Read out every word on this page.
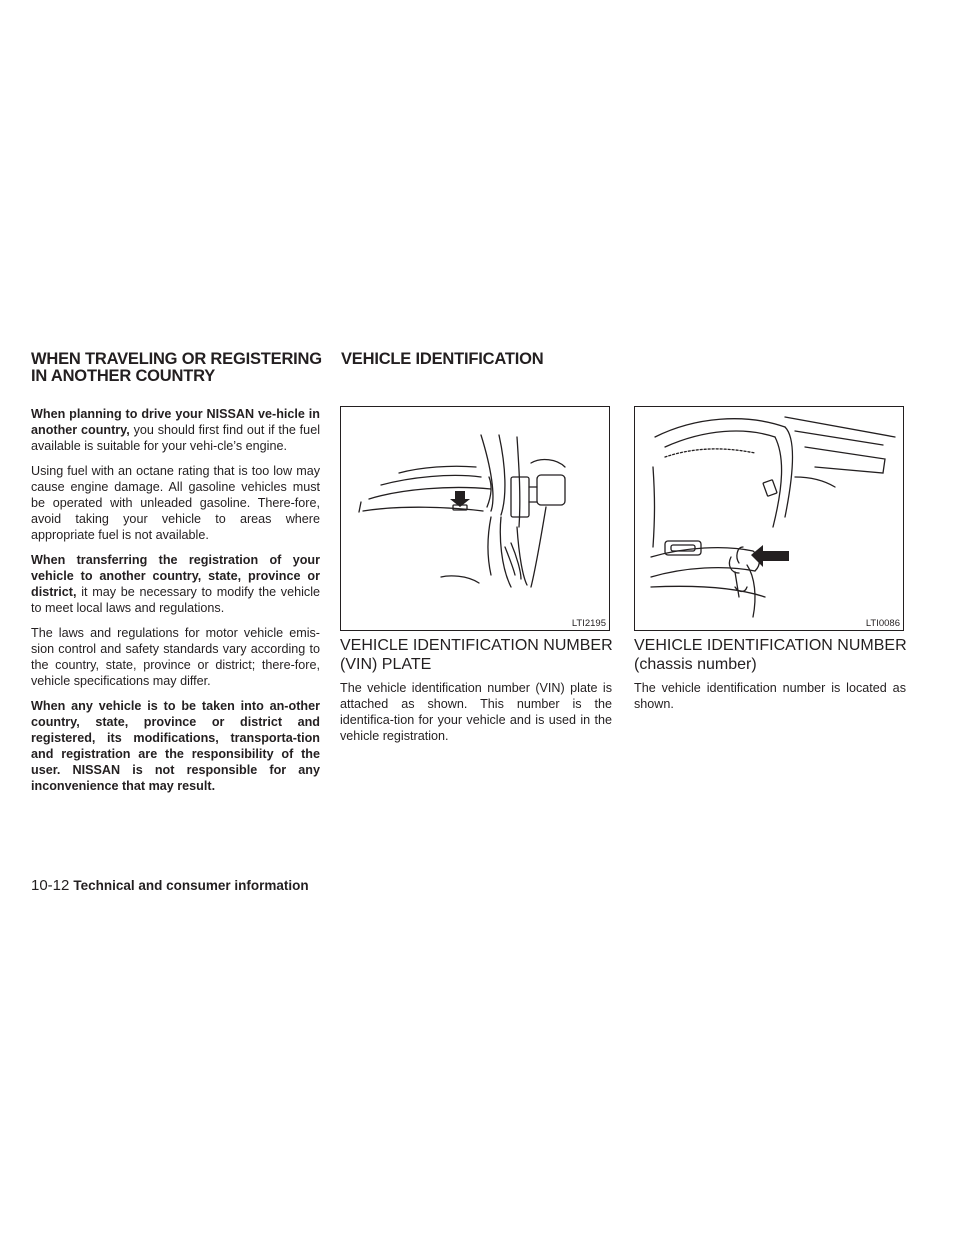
WHEN TRAVELING OR REGISTERING
IN ANOTHER COUNTRY
VEHICLE IDENTIFICATION

When planning to drive your NISSAN ve-hicle in another country, you should first find out if the fuel available is suitable for your vehi-cle’s engine.

Using fuel with an octane rating that is too low may cause engine damage. All gasoline vehicles must be operated with unleaded gasoline. There-fore, avoid taking your vehicle to areas where appropriate fuel is not available.

When transferring the registration of your vehicle to another country, state, province or district, it may be necessary to modify the vehicle to meet local laws and regulations.

The laws and regulations for motor vehicle emis-sion control and safety standards vary according to the country, state, province or district; there-fore, vehicle specifications may differ.

When any vehicle is to be taken into an-other country, state, province or district and registered, its modifications, transporta-tion and registration are the responsibility of the user. NISSAN is not responsible for any inconvenience that may result.

LTI2195	LTI0086
VEHICLE IDENTIFICATION NUMBER
(VIN) PLATE
The vehicle identification number (VIN) plate is attached as shown. This number is the identifica-tion for your vehicle and is used in the vehicle registration.
VEHICLE IDENTIFICATION NUMBER
(chassis number)
The vehicle identification number is located as shown.
10-12 Technical and consumer information
